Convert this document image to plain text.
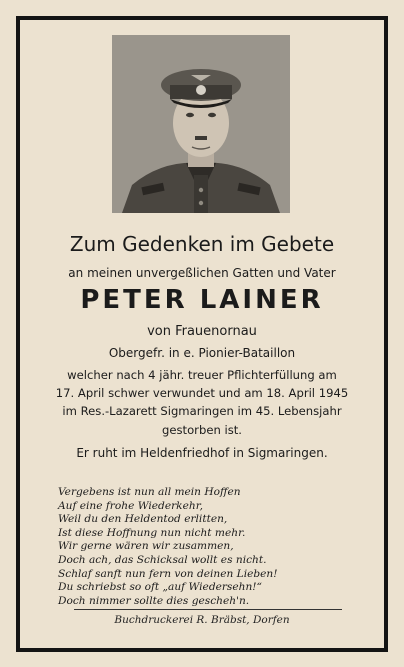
Zum Gedenken im Gebete
an meinen unvergeßlichen Gatten und Vater
PETER LAINER
von Frauenornau
Obergefr. in e. Pionier-Bataillon
welcher nach 4 jähr. treuer Pflichterfüllung am
17. April schwer verwundet und am 18. April 1945
im Res.-Lazarett Sigmaringen im 45. Lebensjahr
gestorben ist.
Er ruht im Heldenfriedhof in Sigmaringen.
Vergebens ist nun all mein Hoffen
Auf eine frohe Wiederkehr,
Weil du den Heldentod erlitten,
Ist diese Hoffnung nun nicht mehr.
Wir gerne wären wir zusammen,
Doch ach, das Schicksal wollt es nicht.
Schlaf sanft nun fern von deinen Lieben!
Du schriebst so oft „auf Wiedersehn!“
Doch nimmer sollte dies gescheh'n.
Buchdruckerei R. Bräbst, Dorfen
